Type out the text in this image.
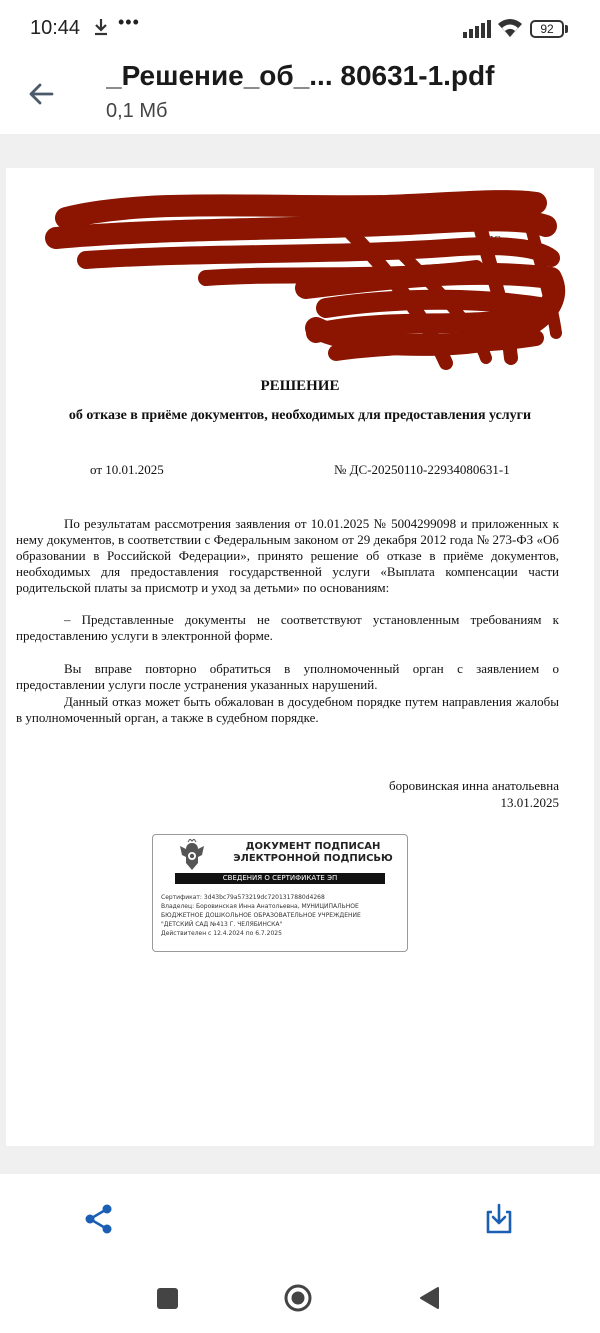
10:44 •••	92
_Решение_об_... 80631-1.pdf
0,1 Мб
МУНИЦИ
ДОШ
ДС
л
РЕШЕНИЕ
об отказе в приёме документов, необходимых для предоставления услуги
от 10.01.2025	№ ДС-20250110-22934080631-1
По результатам рассмотрения заявления от 10.01.2025 № 5004299098 и приложенных к нему документов, в соответствии с Федеральным законом от 29 декабря 2012 года № 273-ФЗ «Об образовании в Российской Федерации», принято решение об отказе в приёме документов, необходимых для предоставления государственной услуги «Выплата компенсации части родительской платы за присмотр и уход за детьми» по основаниям:
– Представленные документы не соответствуют установленным требованиям к предоставлению услуги в электронной форме.
Вы вправе повторно обратиться в уполномоченный орган с заявлением о предоставлении услуги после устранения указанных нарушений.
Данный отказ может быть обжалован в досудебном порядке путем направления жалобы в уполномоченный орган, а также в судебном порядке.
боровинская инна анатольевна
13.01.2025
ДОКУМЕНТ ПОДПИСАН
ЭЛЕКТРОННОЙ ПОДПИСЬЮ
СВЕДЕНИЯ О СЕРТИФИКАТЕ ЭП
Сертификат: 3d43bc79a573219dc7201317880d4268
Владелец: Боровинская Инна Анатольевна, МУНИЦИПАЛЬНОЕ
БЮДЖЕТНОЕ ДОШКОЛЬНОЕ ОБРАЗОВАТЕЛЬНОЕ УЧРЕЖДЕНИЕ
"ДЕТСКИЙ САД №413 Г. ЧЕЛЯБИНСКА"
Действителен с 12.4.2024 по 6.7.2025
